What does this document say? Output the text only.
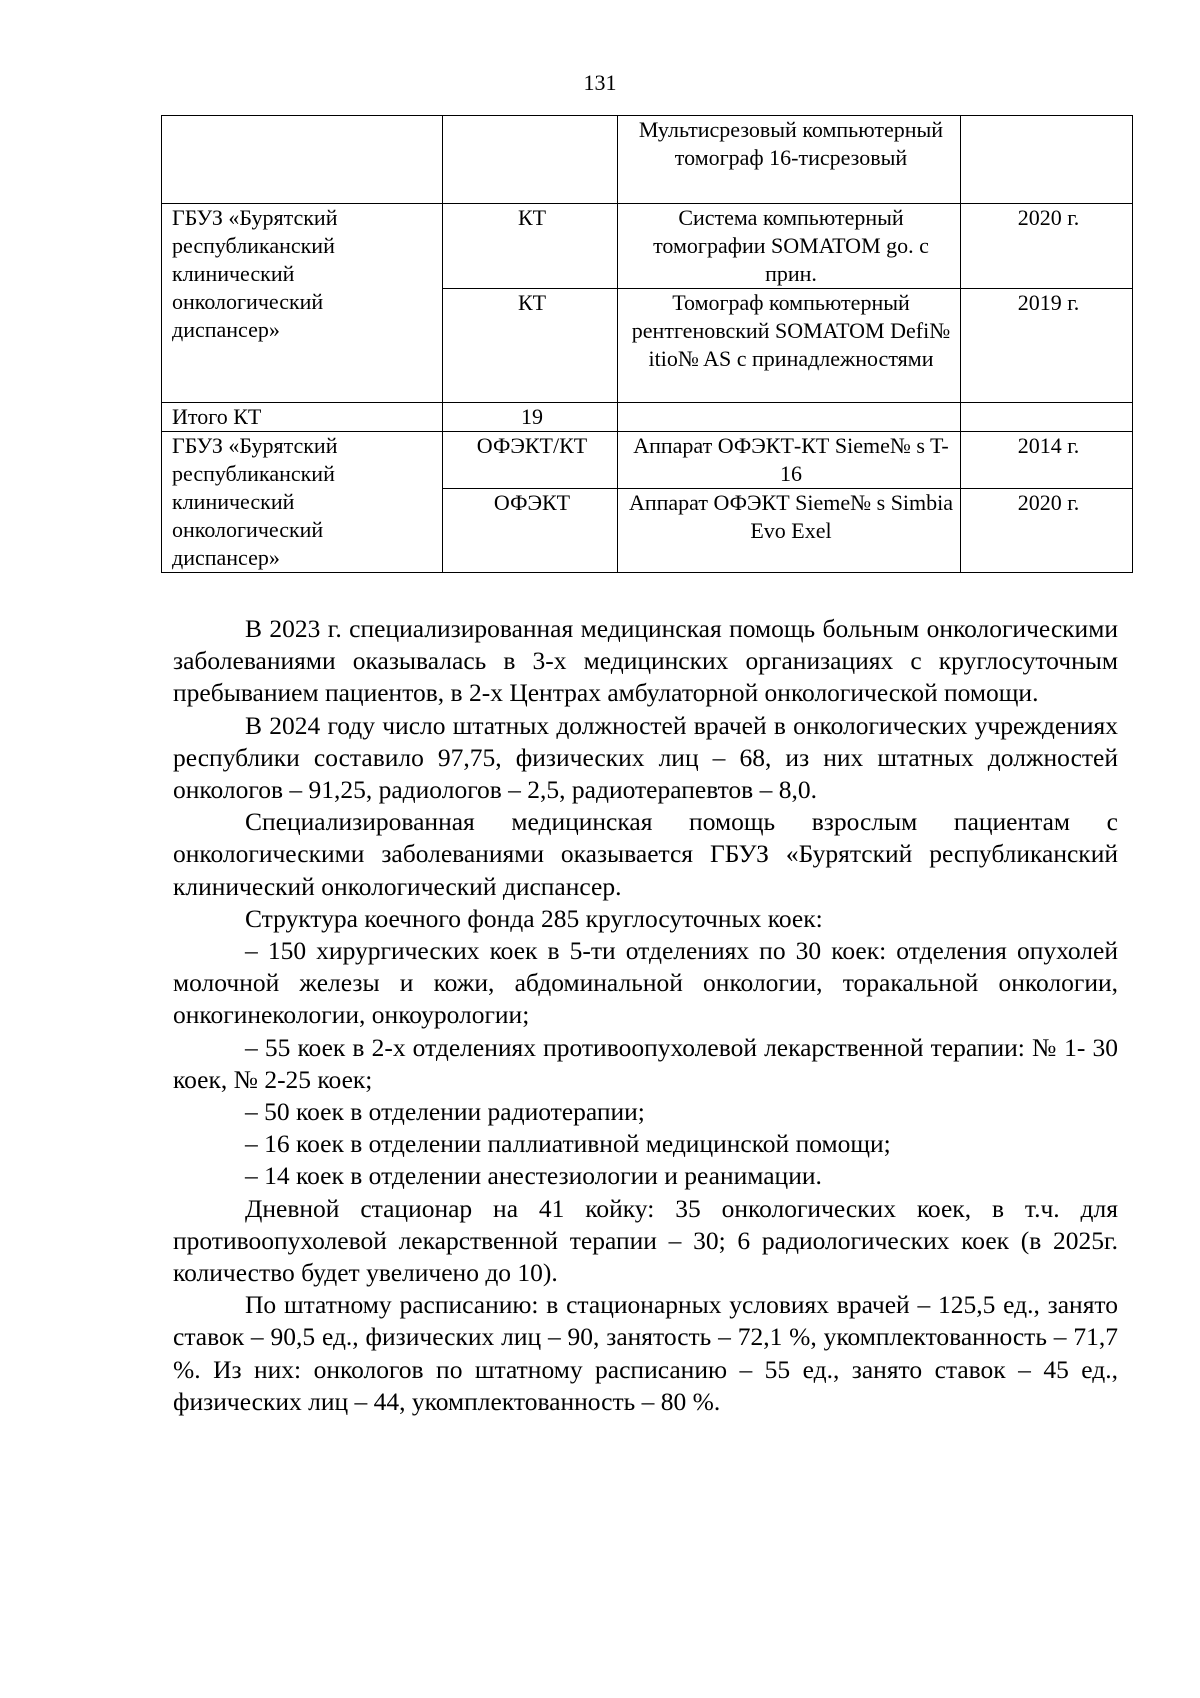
131
		Мультисрезовый компьютерный томограф 16-тисрезовый	
ГБУЗ «Бурятский республиканский клинический онкологический диспансер»	КТ	Система компьютерный томографии SOMATOM go. с прин.	2020 г.
	КТ	Томограф компьютерный рентгеновский SOMATOM Defi№ itio№ AS с принадлежностями	2019 г.
Итого КТ	19		
ГБУЗ «Бурятский республиканский клинический онкологический диспансер»	ОФЭКТ/КТ	Аппарат ОФЭКТ-КТ Sieme№ s T-16	2014 г.
	ОФЭКТ	Аппарат ОФЭКТ Sieme№ s Simbia Evo Exel	2020 г.

В 2023 г. специализированная медицинская помощь больным онкологическими заболеваниями оказывалась в 3-х медицинских организациях с круглосуточным пребыванием пациентов, в 2-х Центрах амбулаторной онкологической помощи.

В 2024 году число штатных должностей врачей в онкологических учреждениях республики составило 97,75, физических лиц – 68, из них штатных должностей онкологов – 91,25, радиологов – 2,5, радиотерапевтов – 8,0.

Специализированная медицинская помощь взрослым пациентам с онкологическими заболеваниями оказывается ГБУЗ «Бурятский республиканский клинический онкологический диспансер.

Структура коечного фонда 285 круглосуточных коек:

– 150 хирургических коек в 5-ти отделениях по 30 коек: отделения опухолей молочной железы и кожи, абдоминальной онкологии, торакальной онкологии, онкогинекологии, онкоурологии;

– 55 коек в 2-х отделениях противоопухолевой лекарственной терапии: № 1- 30 коек, № 2-25 коек;

– 50 коек в отделении радиотерапии;

– 16 коек в отделении паллиативной медицинской помощи;

– 14 коек в отделении анестезиологии и реанимации.

Дневной стационар на 41 койку: 35 онкологических коек, в т.ч. для противоопухолевой лекарственной терапии – 30; 6 радиологических коек (в 2025г. количество будет увеличено до 10).

По штатному расписанию: в стационарных условиях врачей – 125,5 ед., занято ставок – 90,5 ед., физических лиц – 90, занятость – 72,1 %, укомплектованность – 71,7 %. Из них: онкологов по штатному расписанию – 55 ед., занято ставок – 45 ед., физических лиц – 44, укомплектованность – 80 %.
